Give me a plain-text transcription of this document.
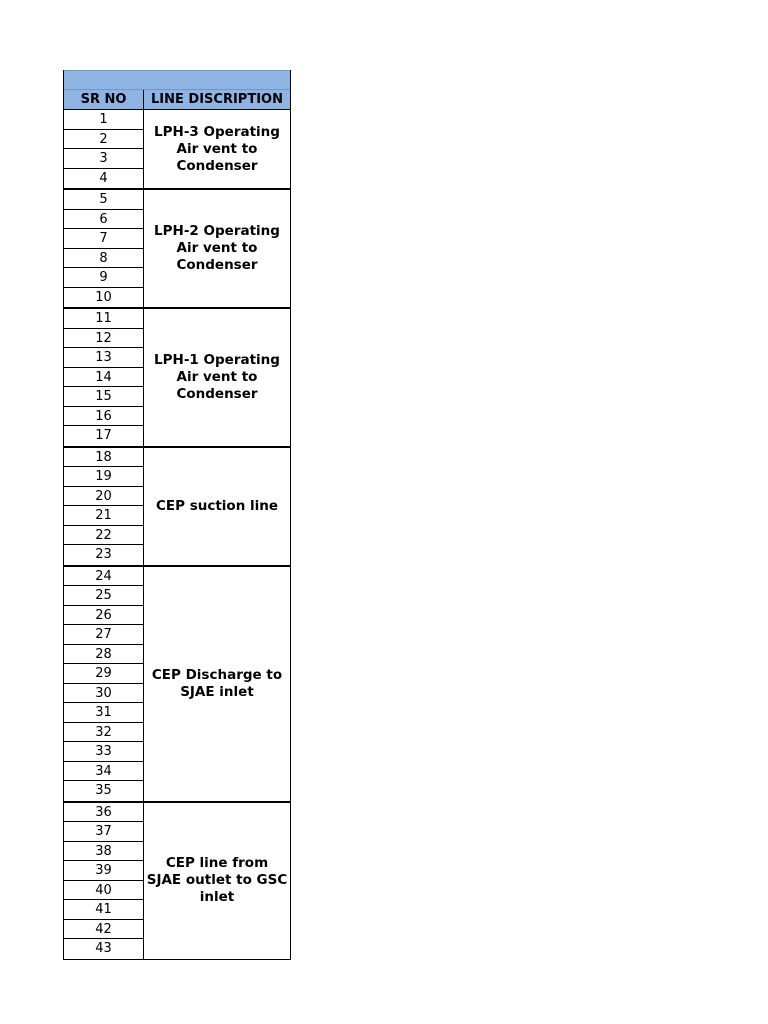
SR NO	LINE DISCRIPTION
1
2
3
4
LPH-3 Operating
Air vent to
Condenser
5
6
7
8
9
10
LPH-2 Operating
Air vent to
Condenser
11
12
13
14
15
16
17
LPH-1 Operating
Air vent to
Condenser
18
19
20
21
22
23
CEP suction line
24
25
26
27
28
29
30
31
32
33
34
35
CEP Discharge to
SJAE inlet
36
37
38
39
40
41
42
43
CEP line from
SJAE outlet to GSC
inlet
